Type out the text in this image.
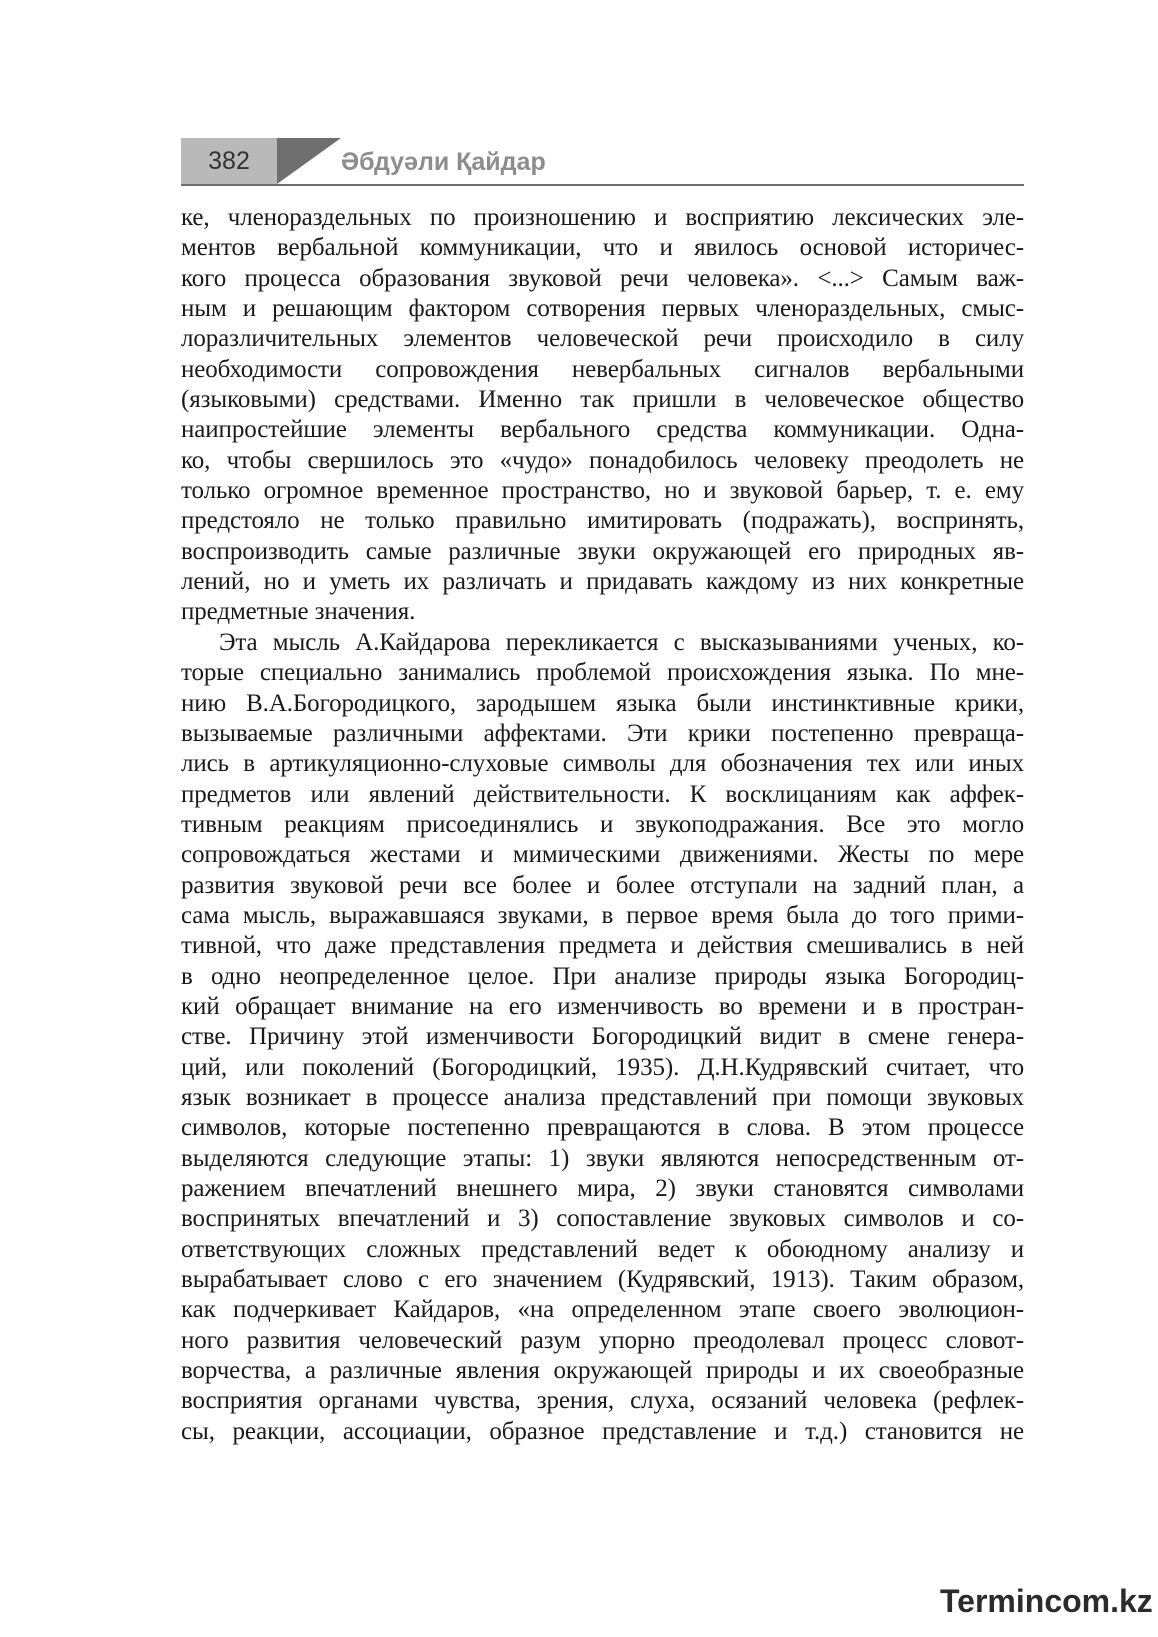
382	Әбдуәли Қайдар
ке, членораздельных по произношению и восприятию лексических эле-
ментов вербальной коммуникации, что и явилось основой историчес-
кого процесса образования звуковой речи человека». <...> Самым важ-
ным и решающим фактором сотворения первых членораздельных, смыс-
лоразличительных элементов человеческой речи происходило в силу
необходимости сопровождения невербальных сигналов вербальными
(языковыми) средствами. Именно так пришли в человеческое общество
наипростейшие элементы вербального средства коммуникации. Одна-
ко, чтобы свершилось это «чудо» понадобилось человеку преодолеть не
только огромное временное пространство, но и звуковой барьер, т. е. ему
предстояло не только правильно имитировать (подражать), воспринять,
воспроизводить самые различные звуки окружающей его природных яв-
лений, но и уметь их различать и придавать каждому из них конкретные
предметные значения.
Эта мысль А.Кайдарова перекликается с высказываниями ученых, ко-
торые специально занимались проблемой происхождения языка. По мне-
нию В.А.Богородицкого, зародышем языка были инстинктивные крики,
вызываемые различными аффектами. Эти крики постепенно превраща-
лись в артикуляционно-слуховые символы для обозначения тех или иных
предметов или явлений действительности. К восклицаниям как аффек-
тивным реакциям присоединялись и звукоподражания. Все это могло
сопровождаться жестами и мимическими движениями. Жесты по мере
развития звуковой речи все более и более отступали на задний план, а
сама мысль, выражавшаяся звуками, в первое время была до того прими-
тивной, что даже представления предмета и действия смешивались в ней
в одно неопределенное целое. При анализе природы языка Богородиц-
кий обращает внимание на его изменчивость во времени и в простран-
стве. Причину этой изменчивости Богородицкий видит в смене генера-
ций, или поколений (Богородицкий, 1935). Д.Н.Кудрявский считает, что
язык возникает в процессе анализа представлений при помощи звуковых
символов, которые постепенно превращаются в слова. В этом процессе
выделяются следующие этапы: 1) звуки являются непосредственным от-
ражением впечатлений внешнего мира, 2) звуки становятся символами
воспринятых впечатлений и 3) сопоставление звуковых символов и со-
ответствующих сложных представлений ведет к обоюдному анализу и
вырабатывает слово с его значением (Кудрявский, 1913). Таким образом,
как подчеркивает Кайдаров, «на определенном этапе своего эволюцион-
ного развития человеческий разум упорно преодолевал процесс словот-
ворчества, а различные явления окружающей природы и их своеобразные
восприятия органами чувства, зрения, слуха, осязаний человека (рефлек-
сы, реакции, ассоциации, образное представление и т.д.) становится не
Termincom.kz
